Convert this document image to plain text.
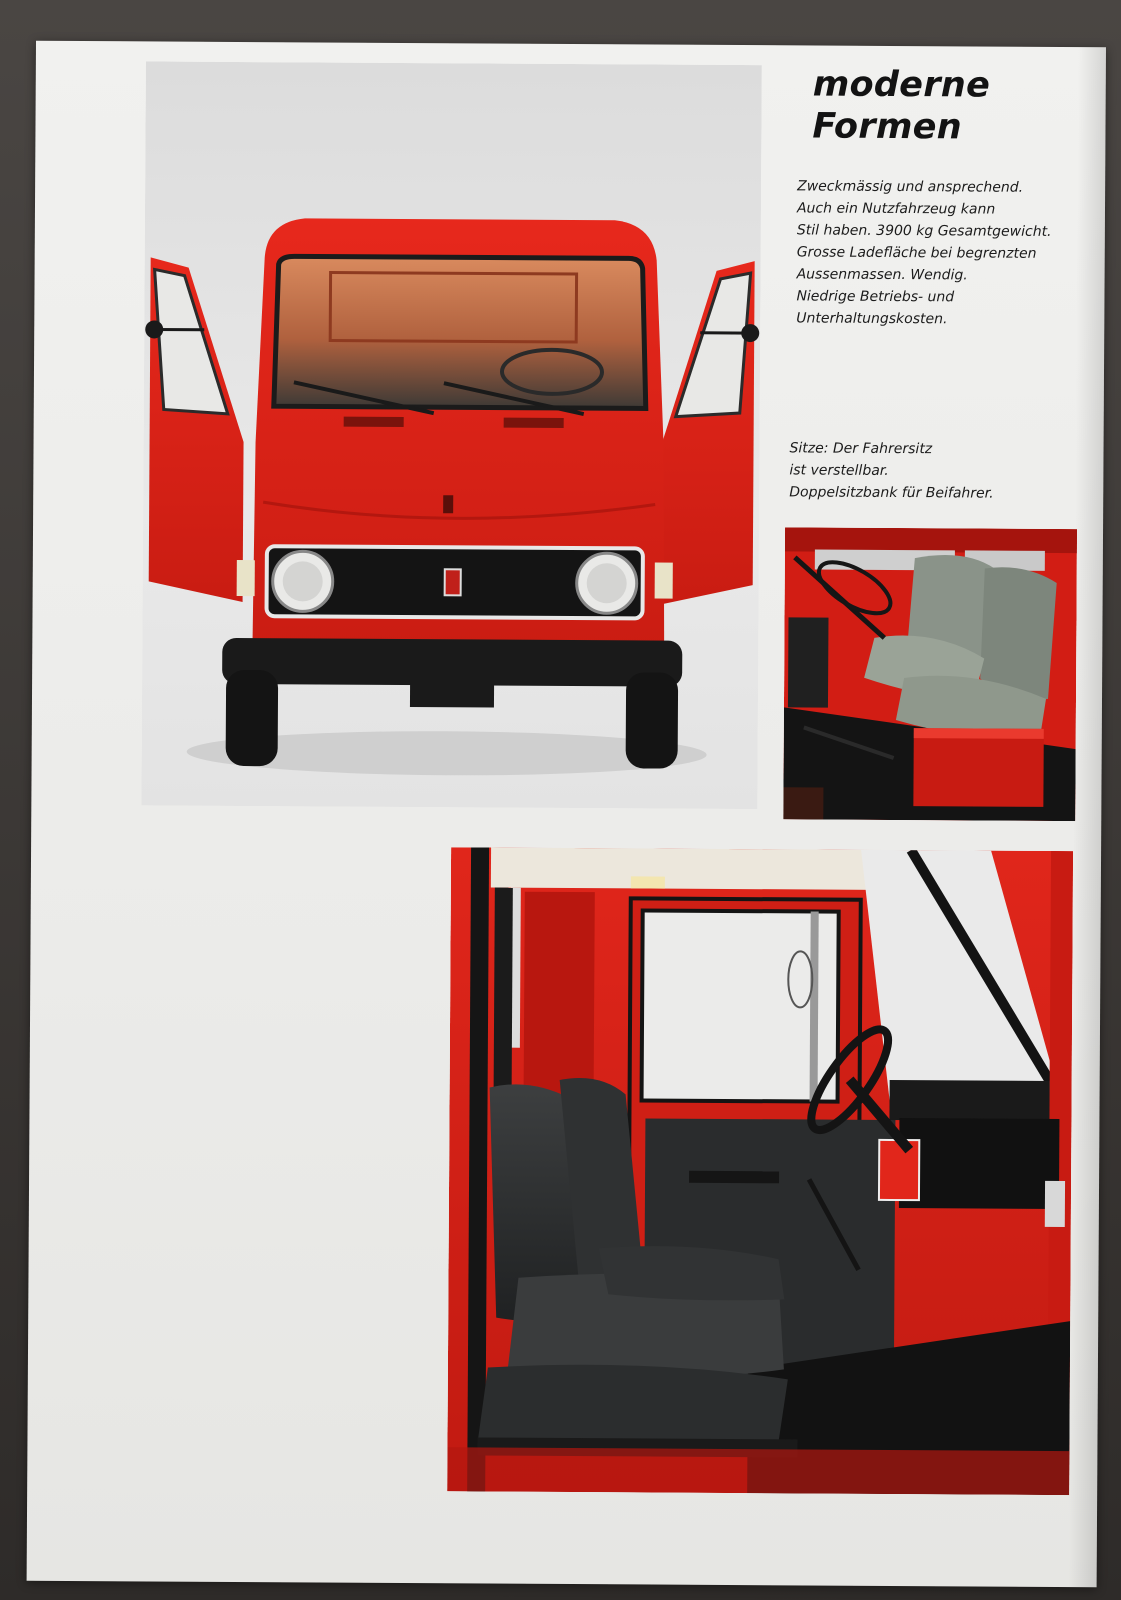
moderne
Formen

Zweckmässig und ansprechend.
Auch ein Nutzfahrzeug kann
Stil haben. 3900 kg Gesamtgewicht.
Grosse Ladefläche bei begrenzten
Aussenmassen. Wendig.
Niedrige Betriebs- und
Unterhaltungskosten.

Sitze: Der Fahrersitz
ist verstellbar.
Doppelsitzbank für Beifahrer.
